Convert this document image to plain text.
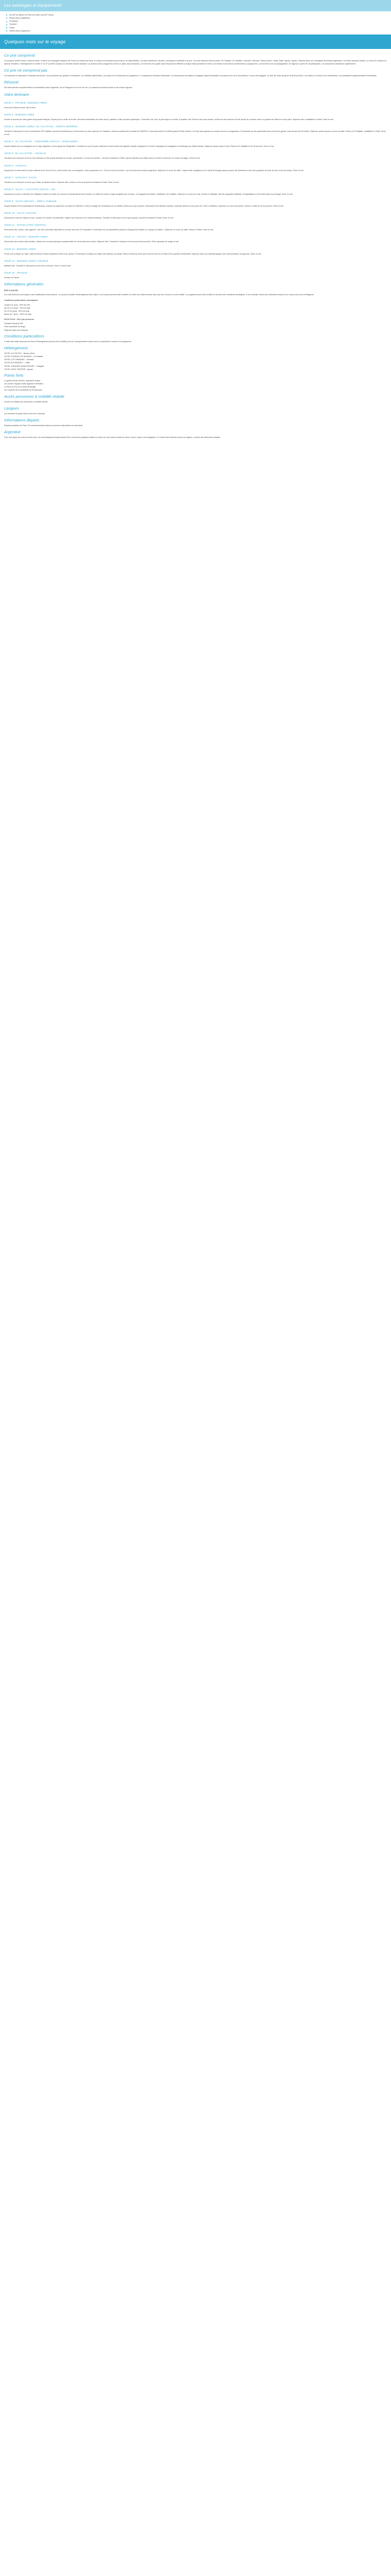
Les avantages et équipements
Vol A/R au départ de Paris (vol opéré par Air France)
Repas selon programme
Chambres
Transfert
Guide
Visites selon programme
Quelques mots sur le voyage
Ce prix comprend
Le transport aérien France / Buenos Aires / France sur compagnie régulière Air France au départ de Paris, en classe économique (sous réserve de disponibilité). Les taxes aériennes, sécurité, surcharge et solidarité à ce jour. Les vols intérieurs Buenos Aires / El Calafate / El Calafate / Ushuaia / Ushuaia / Buenos Aires / Salta, Salta / Iguazu, Iguazu / Buenos Aires sur compagnie Aerolineas Argentinas. Les taxes aéroport locales. Le circuit en minibus ou autocar climatisé. L'hébergement en hôtels 3* ou 4* (normes locales) en chambre double standard. La pension selon programme (menus 2 plats, sans boissons). Les services d'un guide local francophone différent à chaque étape pendant le circuit. Les visites et excursions mentionnées au programme. Les services d'un accompagnateur de l'agence à partir de 15 participants. Les assurances assistance rapatriement.
Ce prix ne comprend pas
Les boissons et dépenses à caractère personnel. Les pourboires aux guides et chauffeurs. Les activités optionnelles. Les repas non mentionnés au programme. Le supplément chambre individuelle. Les assurances annulation et bagages (option facultative à souscrire lors de la réservation). Le port des bagages. La taxe de sortie aéroport de Buenos Aires. Les visites ou entrées non mentionnées. Les prestations supplémentaires éventuelles.
Résumé
Des découvertes exceptionnelles et inoubliables dans l'Argentine, de la Patagonie à la Terre de Feu, en passant par Buenos Aires et les chutes d'Iguazu.
Votre itinéraire
JOUR 1 : FRANCE / BUENOS AIRES
Envol pour Buenos Aires. Nuit à bord.
JOUR 2 : BUENOS AIRES
Arrivée et accueil par votre guide local parlant français. Départ pour la visite de la ville, deuxième destination de notre circuit, capitale et ville portuaire dynamique : l'Avenida 9 de Julio, la plus large au monde, le quartier San Telmo et ses rues pavées, la Boca et ses maisons de tôle peinte de couleurs vives, le quartier de Palermo et ses parcs. Déjeuner libre. Installation à l'hôtel. Dîner et nuit.
JOUR 3 : BUENOS AIRES / EL CALAFATE – PERITO MORENO
Transfert à l'aéroport et envol à destination d'El Calafate. Accueil et transfert pour la découverte du parc national Los Glaciares, classé au patrimoine mondial de l'UNESCO. Vous découvrirez le célèbre glacier Perito Moreno, l'un des rares glaciers au monde encore en progression. Promenade sur les passerelles face au front du glacier, haut de plus de 60 mètres. Déjeuner panier-repas en cours de visite. Retour à El Calafate. Installation à l'hôtel. Dîner et nuit.
JOUR 4 : EL CALAFATE – CROISIÈRE UPSALA – SPEGAZZINI
Départ matinal pour la navigation sur le Lago Argentino, le plus grand lac d'Argentine. Croisière au cœur du parc national à la découverte des glaciers Upsala, Spegazzini et Onelli. Paysages de montagnes et d'icebergs aux reflets bleutés. Déjeuner panier-repas à bord. Retour à El Calafate en fin de journée. Dîner et nuit.
JOUR 5 : EL CALAFATE – USHUAIA
Transfert vers l'aéroport et envol vers Ushuaia, la ville la plus australe du monde, surnommée « le bout du monde ». Accueil et transfert à l'hôtel. Après-midi libre pour flâner dans le centre et découvrir le musée du bagne. Dîner et nuit.
JOUR 6 : USHUAIA
Départ pour la découverte du parc national de la Terre de Feu, entre forêts, lacs et montagnes. Vous emprunterez le « Train du bout du monde » sur les traces des anciens bagnards. Déjeuner en cours de visite. L'après-midi, navigation sur le canal de Beagle jusqu'au phare des Éclaireurs et aux îles peuplées de lions de mer et de cormorans. Dîner et nuit.
JOUR 7 : USHUAIA / SALTA
Transfert vers l'aéroport et envol pour Salta, via Buenos Aires. Déjeuner libre. Arrivée en fin de journée et transfert à l'hôtel. Dîner et nuit.
JOUR 8 : SALTA – CAFAYATE (400 km – 6h)
Départ par la route en direction de Cafayate à travers la vallée de Lerma et la Quebrada de las Conchas, un défilé de roches rouges sculptées par l'érosion : la Garganta del Diablo, l'Anfiteatro, les Castillos. Déjeuner en cours de route. Arrivée à Cafayate, cité des vignobles d'altitude, et dégustation du Torrontés dans une bodega. Dîner et nuit.
JOUR 9 : SALTA (360 km) – 4000 m d'altitude
Départ matinal vers la Quebrada de Humahuaca, classée au patrimoine mondial de l'UNESCO. Arrêt au village de Purmamarca et sa célèbre colline aux sept couleurs. Découverte des Salinas Grandes, immense désert de sel à plus de 3 400 m d'altitude. Déjeuner en cours d'excursion. Retour à Salta en fin de journée. Dîner et nuit.
JOUR 10 : SALTA / IGUAZU
Découverte à pied de Salta la Linda : la place du 9 juillet, la cathédrale, l'église San Francisco et le marché artisanal. Transfert à l'aéroport et envol pour Iguazu. Accueil et transfert à l'hôtel. Dîner et nuit.
JOUR 11 : IGUAZU (Côté Argentine)
Découverte des chutes, côté argentin, l'une des merveilles naturelles du monde avec ses 275 cascades. Promenade sur les passerelles jusqu'à la Garganta del Diablo, la « gorge du diable ». Déjeuner en cours de visite. Retour à l'hôtel. Dîner et nuit.
JOUR 12 : IGUAZU / BUENOS AIRES
Découverte des chutes côté brésilien, offrant une vue panoramique exceptionnelle sur l'ensemble des chutes. Déjeuner libre. Transfert à l'aéroport et envol pour Buenos Aires. Dîner spectacle de tango et nuit.
JOUR 13 : BUENOS AIRES
Route vers la région du Tigre, delta du fleuve Paraná, labyrinthe d'îles et de canaux. Promenade en bateau au milieu des maisons sur pilotis. Retour à Buenos Aires par le bord du Río de la Plata et les quartiers résidentiels. Déjeuner dans une estancia typique avec démonstration de gauchos. Dîner et nuit.
JOUR 14 : BUENOS AIRES / FRANCE
Matinée libre. Transfert à l'aéroport et envol vers la France. Dîner et nuit à bord.
JOUR 15 : FRANCE
Arrivée en France.
Informations générales
BON À SAVOIR
Les vols intérieurs sont sujets à des modifications sans préavis ; ce qui peut modifier l'aménagement des visites. Les horaires peuvent être modifiés et l'ordre des visites inversé sans que leur contenu en soit modifié. Le programme peut être modifié en fonction des conditions climatiques. Il est conseillé d'avoir des vêtements chauds et un coupe-vent pour la Patagonie.
Conditions particulières d'annulation :
Jusqu'à 31 jours : 60% de frais
De 30 à 21 jours : 75% de frais
De 20 à 8 jours : 90% de frais
Moins de 7 jours : 100% de frais
PACK PLUS : 140 € par personne
Transfert aéroport A/R
Dîner spectacle de tango
Déjeuner dans une estancia
Conditions particulières
L'ordre des visites ainsi que les lieux d'hébergement peuvent être modifiés par nos correspondants locaux tout en respectant le contenu du programme.
Hébergement
HOTEL LOI SUITES – Buenos Aires
HOTEL POSADA LOS ÁLAMOS – El Calafate
HOTEL LOS YÁMANAS – Ushuaia
HOTEL ALEJANDRO I – Salta
HOTEL CAFAYATE WINE RESORT – Cafayate
HOTEL SAINT GEORGE – Iguazu
Points forts
Le glacier Perito Moreno, spectacle unique
Les chutes d'Iguazu côtés argentin et brésilien
La Terre de Feu et le canal de Beagle
Les couleurs de la Quebrada de Humahuaca
Accès personnes à mobilité réduite
Circuit non adapté aux personnes à mobilité réduite.
Langues
Les services du guide local se feront en français.
Informations départs
Départs possibles de Paris. Pré-acheminements depuis la province disponibles sur demande.
Argentine
Pour tout séjour de moins de trois mois, les ressortissants français doivent être munis d'un passeport valide au moins six mois après la date de retour. Aucun vaccin n'est obligatoire. Le climat varie fortement selon les régions : prévoir des vêtements adaptés.
